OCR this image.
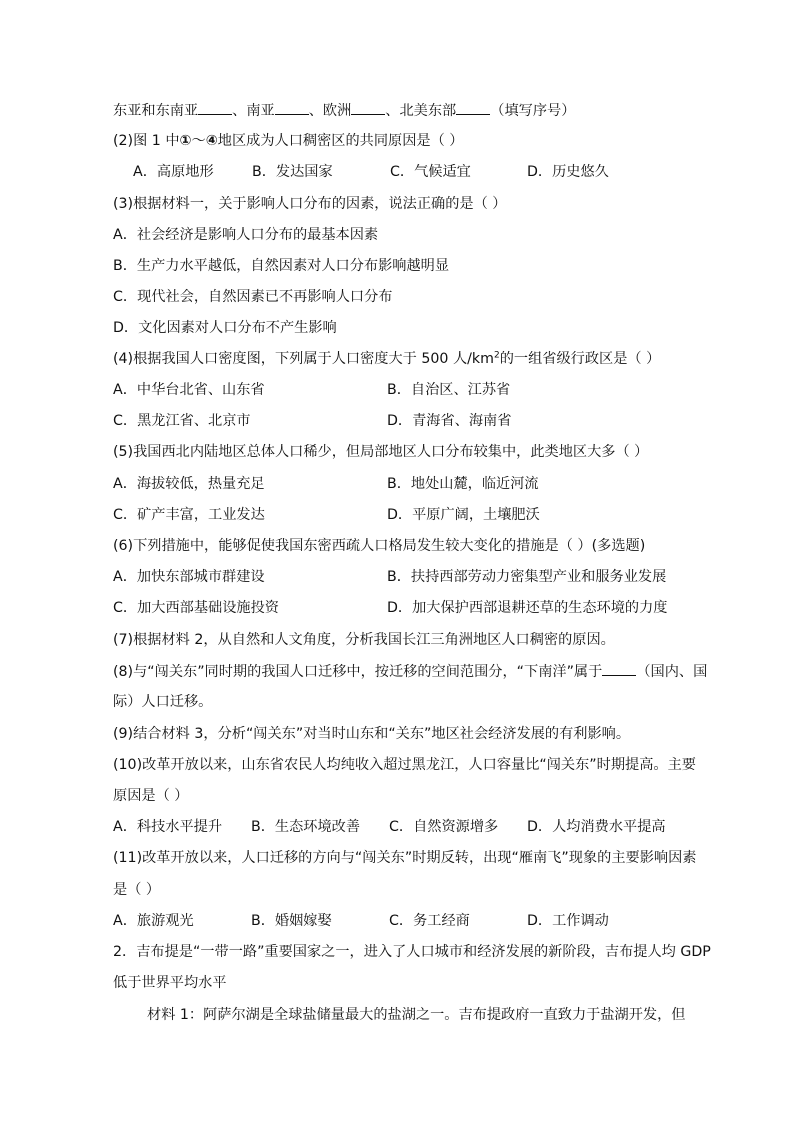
东亚和东南亚 、南亚 、欧洲 、北美东部 （填写序号）
(2)图 1 中①～④地区成为人口稠密区的共同原因是（ ）
A．高原地形	B．发达国家	C．气候适宜	D．历史悠久
(3)根据材料一，关于影响人口分布的因素，说法正确的是（ ）
A．社会经济是影响人口分布的最基本因素
B．生产力水平越低，自然因素对人口分布影响越明显
C．现代社会，自然因素已不再影响人口分布
D．文化因素对人口分布不产生影响
(4)根据我国人口密度图，下列属于人口密度大于 500 人$/km^2$的一组省级行政区是（ ）
A．中华台北省、山东省	B．自治区、江苏省
C．黑龙江省、北京市	D．青海省、海南省
(5)我国西北内陆地区总体人口稀少，但局部地区人口分布较集中，此类地区大多（ ）
A．海拔较低，热量充足	B．地处山麓，临近河流
C．矿产丰富，工业发达	D．平原广阔，土壤肥沃
(6)下列措施中，能够促使我国东密西疏人口格局发生较大变化的措施是（ ）(多选题)
A．加快东部城市群建设	B．扶持西部劳动力密集型产业和服务业发展
C．加大西部基础设施投资	D．加大保护西部退耕还草的生态环境的力度
(7)根据材料 2，从自然和人文角度，分析我国长江三角洲地区人口稠密的原因。
(8)与“闯关东”同时期的我国人口迁移中，按迁移的空间范围分，“下南洋”属于 （国内、国
际）人口迁移。
(9)结合材料 3，分析“闯关东”对当时山东和“关东”地区社会经济发展的有利影响。
(10)改革开放以来，山东省农民人均纯收入超过黑龙江，人口容量比“闯关东”时期提高。主要
原因是（ ）
A．科技水平提升 B．生态环境改善 C．自然资源增多 D．人均消费水平提高
(11)改革开放以来，人口迁移的方向与“闯关东”时期反转，出现“雁南飞”现象的主要影响因素
是（ ）
A．旅游观光	B．婚姻嫁娶	C．务工经商	D．工作调动
2．吉布提是“一带一路”重要国家之一，进入了人口城市和经济发展的新阶段，吉布提人均 GDP
低于世界平均水平
材料 1：阿萨尔湖是全球盐储量最大的盐湖之一。吉布提政府一直致力于盐湖开发，但
